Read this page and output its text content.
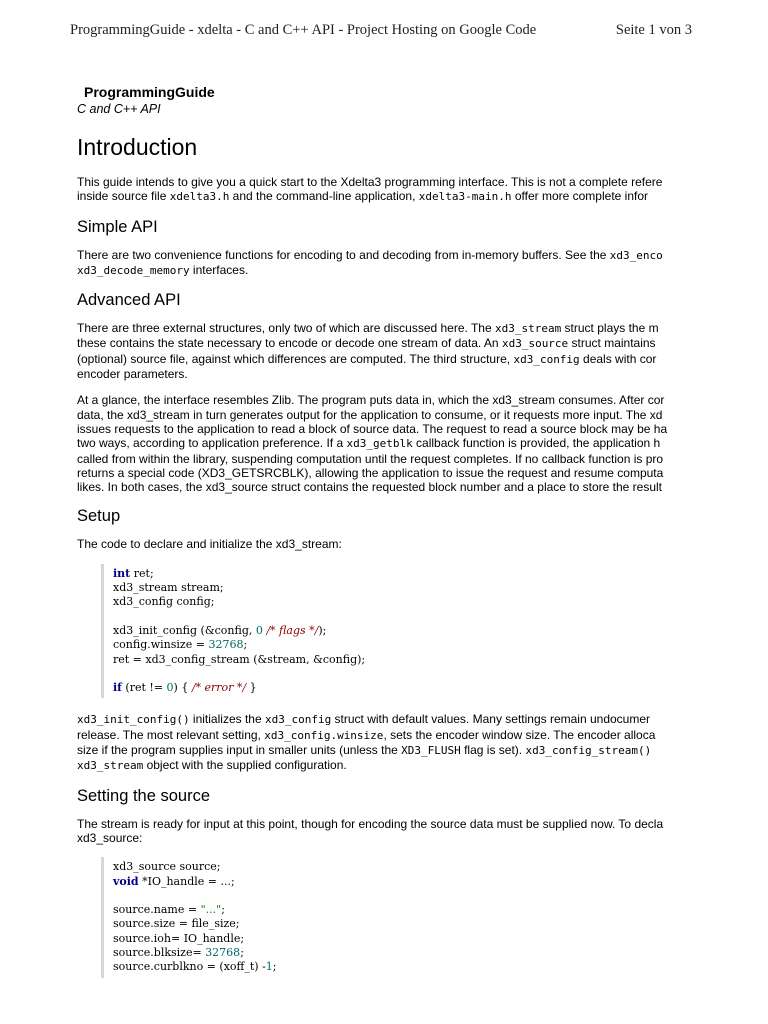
ProgrammingGuide - xdelta - C and C++ API - Project Hosting on Google Code	Seite 1 von 3
ProgrammingGuide
C and C++ API
Introduction

This guide intends to give you a quick start to the Xdelta3 programming interface. This is not a complete refere
inside source file xdelta3.h and the command-line application, xdelta3-main.h offer more complete infor

Simple API

There are two convenience functions for encoding to and decoding from in-memory buffers. See the xd3_enco
xd3_decode_memory interfaces.

Advanced API

There are three external structures, only two of which are discussed here. The xd3_stream struct plays the m
these contains the state necessary to encode or decode one stream of data. An xd3_source struct maintains
(optional) source file, against which differences are computed. The third structure, xd3_config deals with cor
encoder parameters.

At a glance, the interface resembles Zlib. The program puts data in, which the xd3_stream consumes. After cor
data, the xd3_stream in turn generates output for the application to consume, or it requests more input. The xd
issues requests to the application to read a block of source data. The request to read a source block may be ha
two ways, according to application preference. If a xd3_getblk callback function is provided, the application h
called from within the library, suspending computation until the request completes. If no callback function is pro
returns a special code (XD3_GETSRCBLK), allowing the application to issue the request and resume computa
likes. In both cases, the xd3_source struct contains the requested block number and a place to store the result

Setup

The code to declare and initialize the xd3_stream:

int ret;
xd3_stream stream;
xd3_config config;

xd3_init_config (&config, 0 /* flags */);
config.winsize = 32768;
ret = xd3_config_stream (&stream, &config);

if (ret != 0) { /* error */ }

xd3_init_config() initializes the xd3_config struct with default values. Many settings remain undocumer
release. The most relevant setting, xd3_config.winsize, sets the encoder window size. The encoder alloca
size if the program supplies input in smaller units (unless the XD3_FLUSH flag is set). xd3_config_stream()
xd3_stream object with the supplied configuration.

Setting the source

The stream is ready for input at this point, though for encoding the source data must be supplied now. To decla
xd3_source:

xd3_source source;
void *IO_handle = ...;

source.name = "...";
source.size = file_size;
source.ioh= IO_handle;
source.blksize= 32768;
source.curblkno = (xoff_t) -1;
